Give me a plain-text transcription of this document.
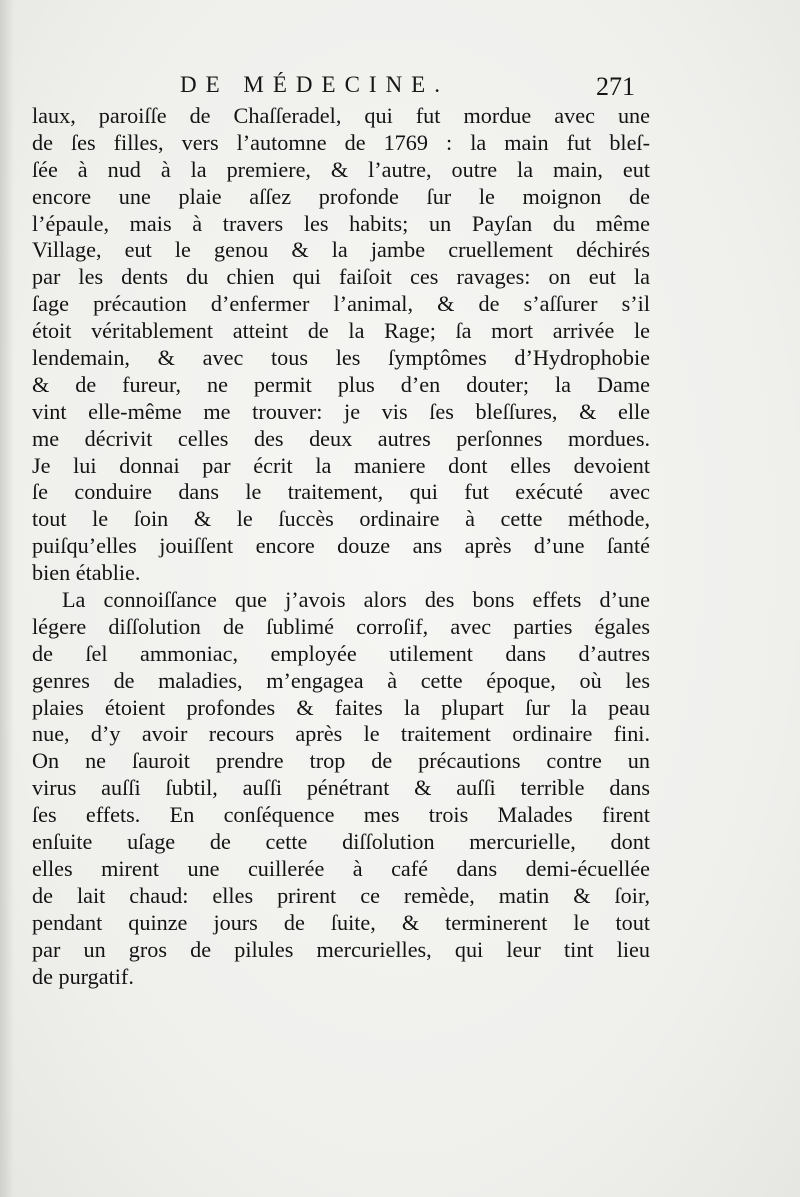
DE MÉDECINE.	271
laux, paroiſſe de Chaſſeradel, qui fut mordue avec une
de ſes filles, vers l’automne de 1769 : la main fut bleſ-
ſée à nud à la premiere, & l’autre, outre la main, eut
encore une plaie aſſez profonde ſur le moignon de
l’épaule, mais à travers les habits; un Payſan du même
Village, eut le genou & la jambe cruellement déchirés
par les dents du chien qui faiſoit ces ravages: on eut la
ſage précaution d’enfermer l’animal, & de s’aſſurer s’il
étoit véritablement atteint de la Rage; ſa mort arrivée le
lendemain, & avec tous les ſymptômes d’Hydrophobie
& de fureur, ne permit plus d’en douter; la Dame
vint elle-même me trouver: je vis ſes bleſſures, & elle
me décrivit celles des deux autres perſonnes mordues.
Je lui donnai par écrit la maniere dont elles devoient
ſe conduire dans le traitement, qui fut exécuté avec
tout le ſoin & le ſuccès ordinaire à cette méthode,
puiſqu’elles jouiſſent encore douze ans après d’une ſanté
bien établie.
La connoiſſance que j’avois alors des bons effets d’une
légere diſſolution de ſublimé corroſif, avec parties égales
de ſel ammoniac, employée utilement dans d’autres
genres de maladies, m’engagea à cette époque, où les
plaies étoient profondes & faites la plupart ſur la peau
nue, d’y avoir recours après le traitement ordinaire fini.
On ne ſauroit prendre trop de précautions contre un
virus auſſi ſubtil, auſſi pénétrant & auſſi terrible dans
ſes effets. En conſéquence mes trois Malades firent
enſuite uſage de cette diſſolution mercurielle, dont
elles mirent une cuillerée à café dans demi-écuellée
de lait chaud: elles prirent ce remède, matin & ſoir,
pendant quinze jours de ſuite, & terminerent le tout
par un gros de pilules mercurielles, qui leur tint lieu
de purgatif.
